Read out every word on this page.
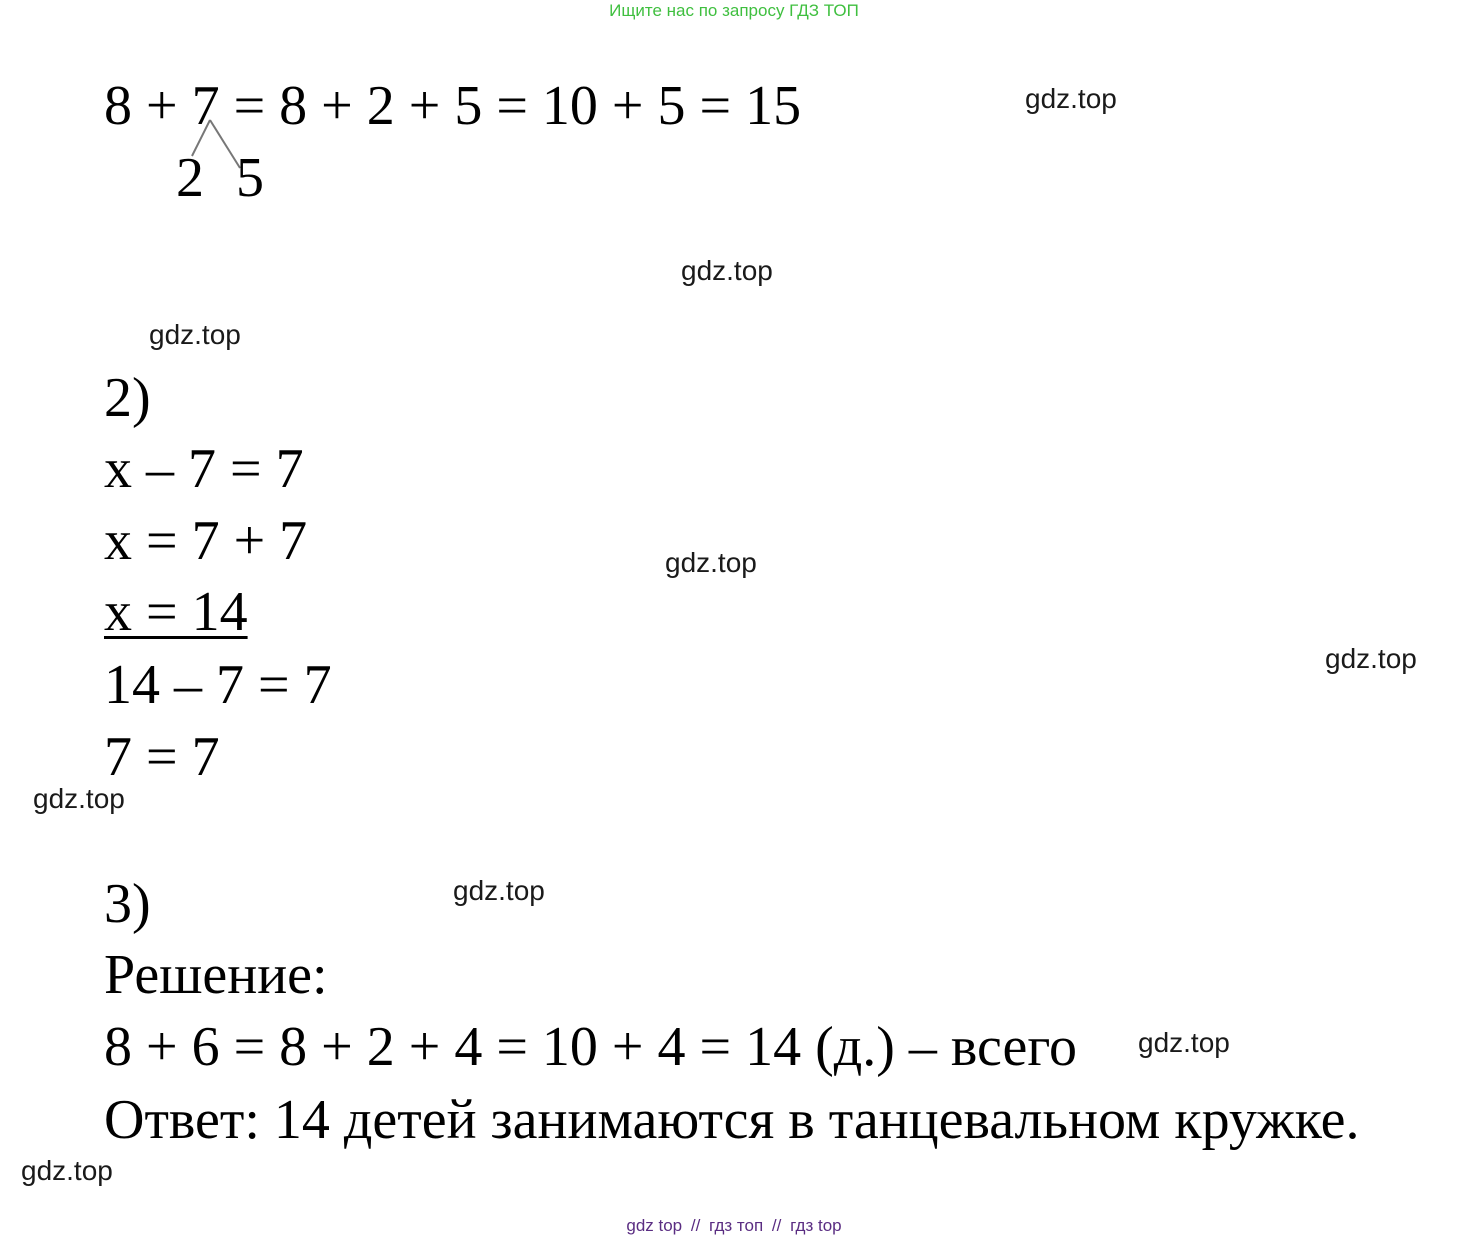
Ищите нас по запросу ГДЗ ТОП
8 + 7 = 8 + 2 + 5 = 10 + 5 = 15
2 5
2)
x – 7 = 7
x = 7 + 7
x = 14
14 – 7 = 7
7 = 7
3)
Решение:
8 + 6 = 8 + 2 + 4 = 10 + 4 = 14 (д.) – всего
Ответ: 14 детей занимаются в танцевальном кружке.
gdz.top
gdz.top
gdz.top
gdz.top
gdz.top
gdz.top
gdz.top
gdz.top
gdz.top
gdz top // гдз топ // гдз top
